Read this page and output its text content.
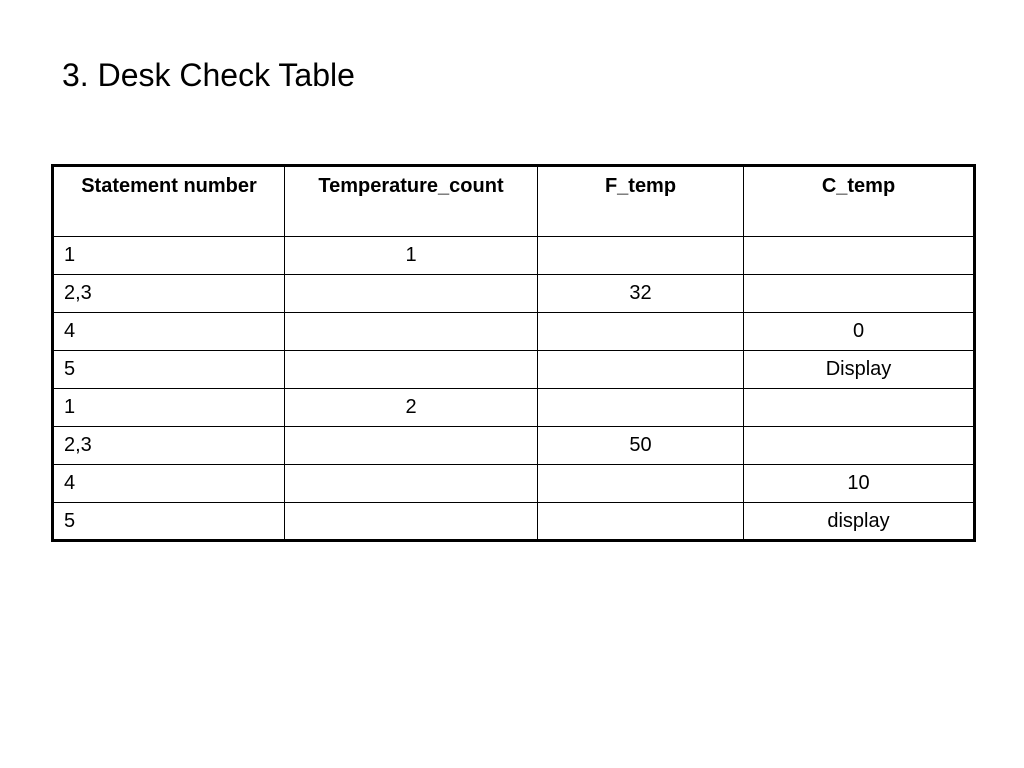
3. Desk Check Table
Statement number	Temperature_count	F_temp	C_temp
1	1		
2,3		32	
4			0
5			Display
1	2		
2,3		50	
4			10
5			display
